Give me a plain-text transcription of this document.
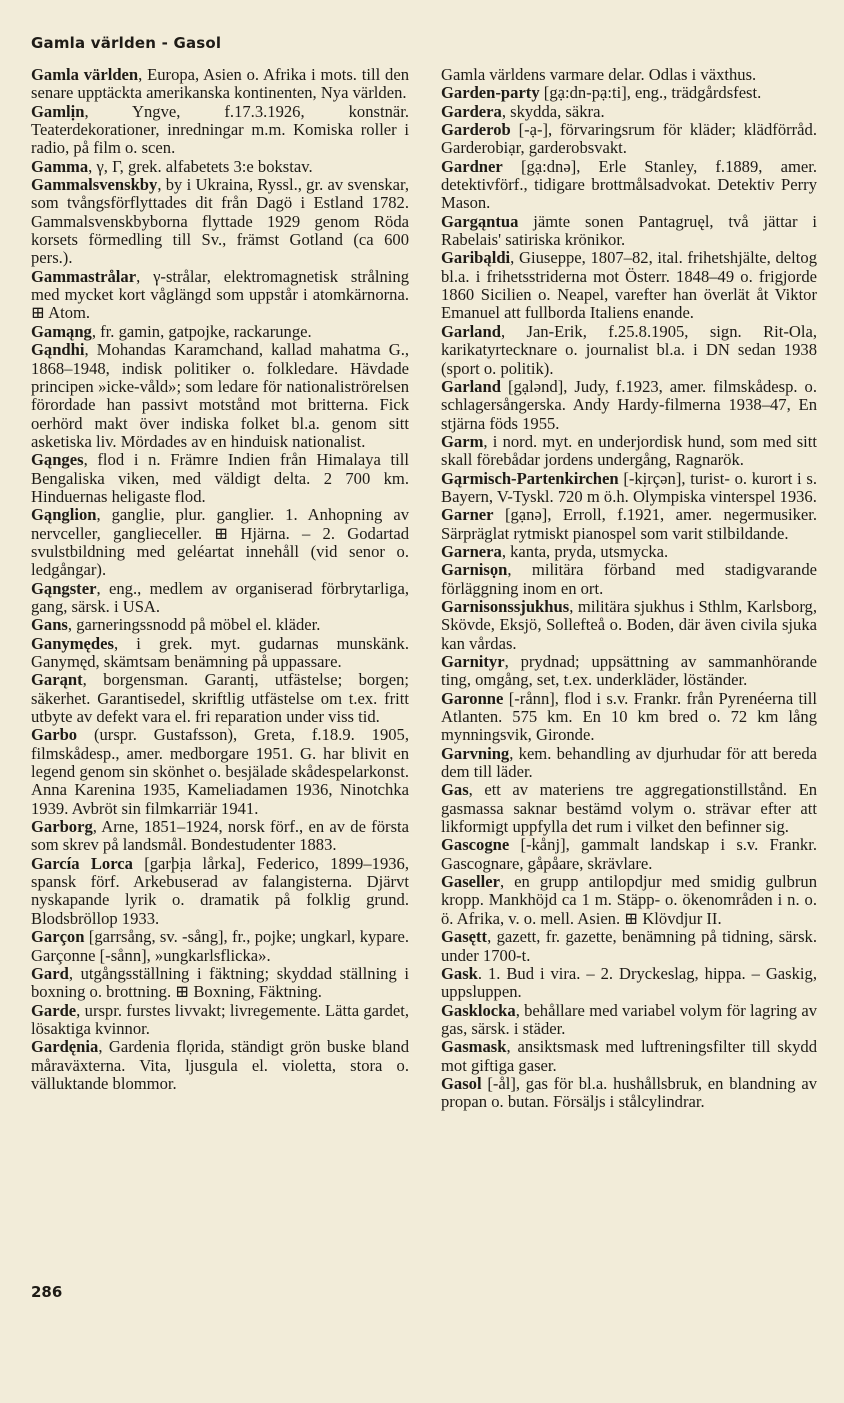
Gamla världen - Gasol

Gamla världen, Europa, Asien o. Afrika i mots. till den senare upptäckta amerikanska kontinenten, Nya världen.

Gamlịn, Yngve, f.17.3.1926, konstnär. Teaterdekorationer, inredningar m.m. Komiska roller i radio, på film o. scen.

Gamma, γ, Γ, grek. alfabetets 3:e bokstav.

Gammalsvenskby, by i Ukraina, Ryssl., gr. av svenskar, som tvångsförflyttades dit från Dagö i Estland 1782. Gammalsvenskbyborna flyttade 1929 genom Röda korsets förmedling till Sv., främst Gotland (ca 600 pers.).

Gammastrålar, γ-strålar, elektromagnetisk strålning med mycket kort våglängd som uppstår i atomkärnorna. ⊞ Atom.

Gamąng, fr. gamin, gatpojke, rackarunge.

Gąndhi, Mohandas Karamchand, kallad mahatma G., 1868–1948, indisk politiker o. folkledare. Hävdade principen »icke-våld»; som ledare för nationaliströrelsen förordade han passivt motstånd mot britterna. Fick oerhörd makt över indiska folket bl.a. genom sitt asketiska liv. Mördades av en hinduisk nationalist.

Gąnges, flod i n. Främre Indien från Himalaya till Bengaliska viken, med väldigt delta. 2 700 km. Hinduernas heligaste flod.

Gąnglion, ganglie, plur. ganglier. 1. Anhopning av nervceller, ganglieceller. ⊞ Hjärna. – 2. Godartad svulstbildning med geléartat innehåll (vid senor o. ledgångar).

Gąngster, eng., medlem av organiserad förbrytarliga, gang, särsk. i USA.

Gans, garneringssnodd på möbel el. kläder.

Ganymędes, i grek. myt. gudarnas munskänk. Ganymęd, skämtsam benämning på uppassare.

Garąnt, borgensman. Garantị, utfästelse; borgen; säkerhet. Garantisedel, skriftlig utfästelse om t.ex. fritt utbyte av defekt vara el. fri reparation under viss tid.

Garbo (urspr. Gustafsson), Greta, f.18.9. 1905, filmskådesp., amer. medborgare 1951. G. har blivit en legend genom sin skönhet o. besjälade skådespelarkonst. Anna Karenina 1935, Kameliadamen 1936, Ninotchka 1939. Avbröt sin filmkarriär 1941.

Garborg, Arne, 1851–1924, norsk förf., en av de första som skrev på landsmål. Bondestudenter 1883.

García Lorca [garþịa lårka], Federico, 1899–1936, spansk förf. Arkebuserad av falangisterna. Djärvt nyskapande lyrik o. dramatik på folklig grund. Blodsbröllop 1933.

Garçon [garrsång, sv. -sång], fr., pojke; ungkarl, kypare. Garçonne [-sånn], »ungkarlsflicka».

Gard, utgångsställning i fäktning; skyddad ställning i boxning o. brottning. ⊞ Boxning, Fäktning.

Garde, urspr. furstes livvakt; livregemente. Lätta gardet, lösaktiga kvinnor.

Gardęnia, Gardenia flọrida, ständigt grön buske bland måraväxterna. Vita, ljusgula el. violetta, stora o. välluktande blommor.

Gamla världens varmare delar. Odlas i växthus.

Garden-party [gạ:dn-pạ:ti], eng., trädgårdsfest.

Gardera, skydda, säkra.

Garderob [-ạ-], förvaringsrum för kläder; klädförråd. Garderobiạr, garderobsvakt.

Gardner [gạ:dnə], Erle Stanley, f.1889, amer. detektivförf., tidigare brottmålsadvokat. Detektiv Perry Mason.

Gargąntua jämte sonen Pantagruęl, två jättar i Rabelais' satiriska krönikor.

Garibąldi, Giuseppe, 1807–82, ital. frihetshjälte, deltog bl.a. i frihetsstriderna mot Österr. 1848–49 o. frigjorde 1860 Sicilien o. Neapel, varefter han överlät åt Viktor Emanuel att fullborda Italiens enande.

Garland, Jan-Erik, f.25.8.1905, sign. Rit-Ola, karikatyrtecknare o. journalist bl.a. i DN sedan 1938 (sport o. politik).

Garland [gạlənd], Judy, f.1923, amer. filmskådesp. o. schlagersångerska. Andy Hardy-filmerna 1938–47, En stjärna föds 1955.

Garm, i nord. myt. en underjordisk hund, som med sitt skall förebådar jordens undergång, Ragnarök.

Gąrmisch-Partenkirchen [-kịrçən], turist- o. kurort i s. Bayern, V-Tyskl. 720 m ö.h. Olympiska vinterspel 1936.

Garner [gạnə], Erroll, f.1921, amer. negermusiker. Särpräglat rytmiskt pianospel som varit stilbildande.

Garnera, kanta, pryda, utsmycka.

Garnisọn, militära förband med stadigvarande förläggning inom en ort.

Garnisonssjukhus, militära sjukhus i Sthlm, Karlsborg, Skövde, Eksjö, Sollefteå o. Boden, där även civila sjuka kan vårdas.

Garnityr, prydnad; uppsättning av sammanhörande ting, omgång, set, t.ex. underkläder, löständer.

Garonne [-rånn], flod i s.v. Frankr. från Pyrenéerna till Atlanten. 575 km. En 10 km bred o. 72 km lång mynningsvik, Gironde.

Garvning, kem. behandling av djurhudar för att bereda dem till läder.

Gas, ett av materiens tre aggregationstillstånd. En gasmassa saknar bestämd volym o. strävar efter att likformigt uppfylla det rum i vilket den befinner sig.

Gascogne [-kånj], gammalt landskap i s.v. Frankr. Gascognare, gåpåare, skrävlare.

Gaseller, en grupp antilopdjur med smidig gulbrun kropp. Mankhöjd ca 1 m. Stäpp- o. ökenområden i n. o. ö. Afrika, v. o. mell. Asien. ⊞ Klövdjur II.

Gasętt, gazett, fr. gazette, benämning på tidning, särsk. under 1700-t.

Gask. 1. Bud i vira. – 2. Dryckeslag, hippa. – Gaskig, uppsluppen.

Gasklocka, behållare med variabel volym för lagring av gas, särsk. i städer.

Gasmask, ansiktsmask med luftreningsfilter till skydd mot giftiga gaser.

Gasol [-ål], gas för bl.a. hushållsbruk, en blandning av propan o. butan. Försäljs i stålcylindrar.

286
